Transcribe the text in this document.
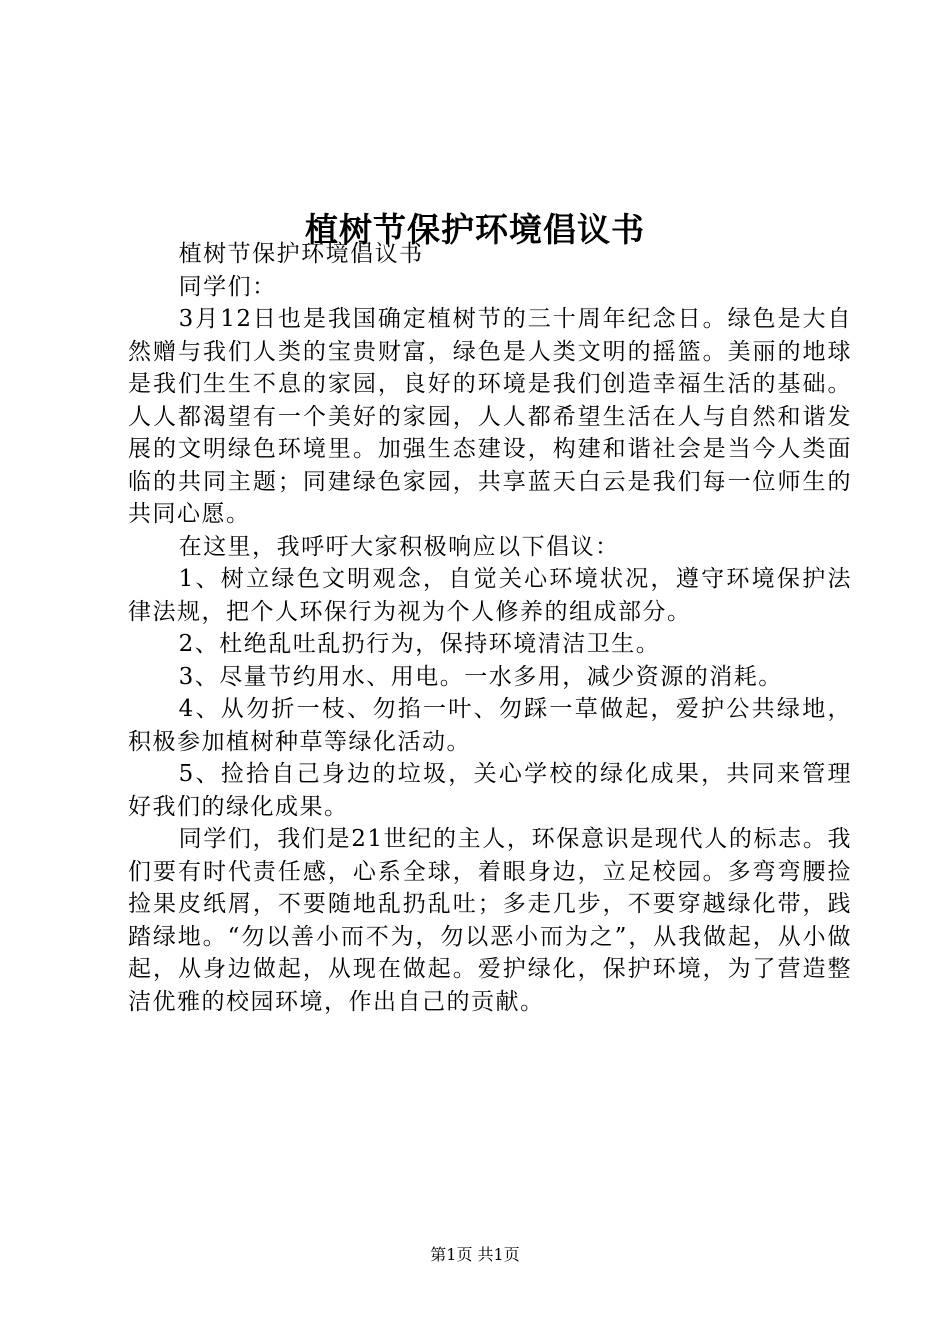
植树节保护环境倡议书

植树节保护环境倡议书

同学们：

3月12日也是我国确定植树节的三十周年纪念日。绿色是大自然赠与我们人类的宝贵财富，绿色是人类文明的摇篮。美丽的地球是我们生生不息的家园，良好的环境是我们创造幸福生活的基础。人人都渴望有一个美好的家园，人人都希望生活在人与自然和谐发展的文明绿色环境里。加强生态建设，构建和谐社会是当今人类面临的共同主题；同建绿色家园，共享蓝天白云是我们每一位师生的共同心愿。

在这里，我呼吁大家积极响应以下倡议：

1、树立绿色文明观念，自觉关心环境状况，遵守环境保护法律法规，把个人环保行为视为个人修养的组成部分。

2、杜绝乱吐乱扔行为，保持环境清洁卫生。

3、尽量节约用水、用电。一水多用，减少资源的消耗。

4、从勿折一枝、勿掐一叶、勿踩一草做起，爱护公共绿地，积极参加植树种草等绿化活动。

5、捡拾自己身边的垃圾，关心学校的绿化成果，共同来管理好我们的绿化成果。

同学们，我们是21世纪的主人，环保意识是现代人的标志。我们要有时代责任感，心系全球，着眼身边，立足校园。多弯弯腰捡捡果皮纸屑，不要随地乱扔乱吐；多走几步，不要穿越绿化带，践踏绿地。“勿以善小而不为，勿以恶小而为之”，从我做起，从小做起，从身边做起，从现在做起。爱护绿化，保护环境，为了营造整洁优雅的校园环境，作出自己的贡献。

第1页 共1页
